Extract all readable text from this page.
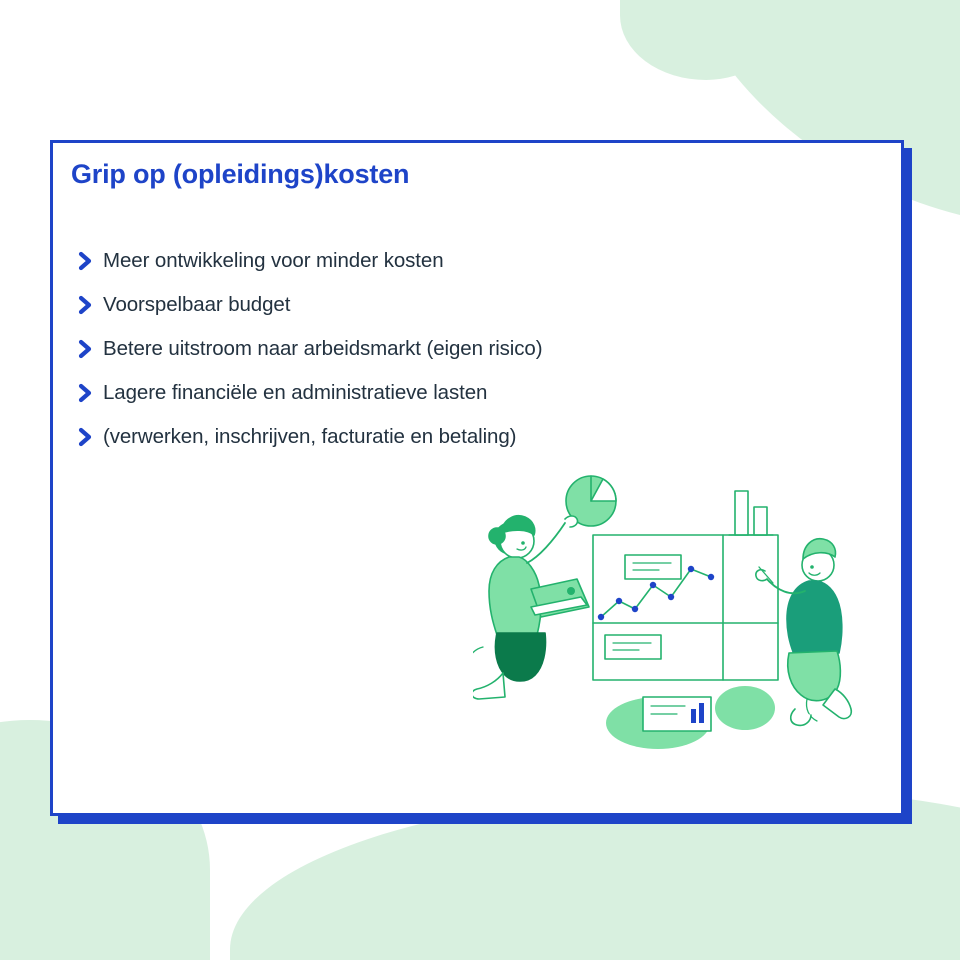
Grip op (opleidings)kosten
Meer ontwikkeling voor minder kosten
Voorspelbaar budget
Betere uitstroom naar arbeidsmarkt (eigen risico)
Lagere financiële en administratieve lasten
(verwerken, inschrijven, facturatie en betaling)
